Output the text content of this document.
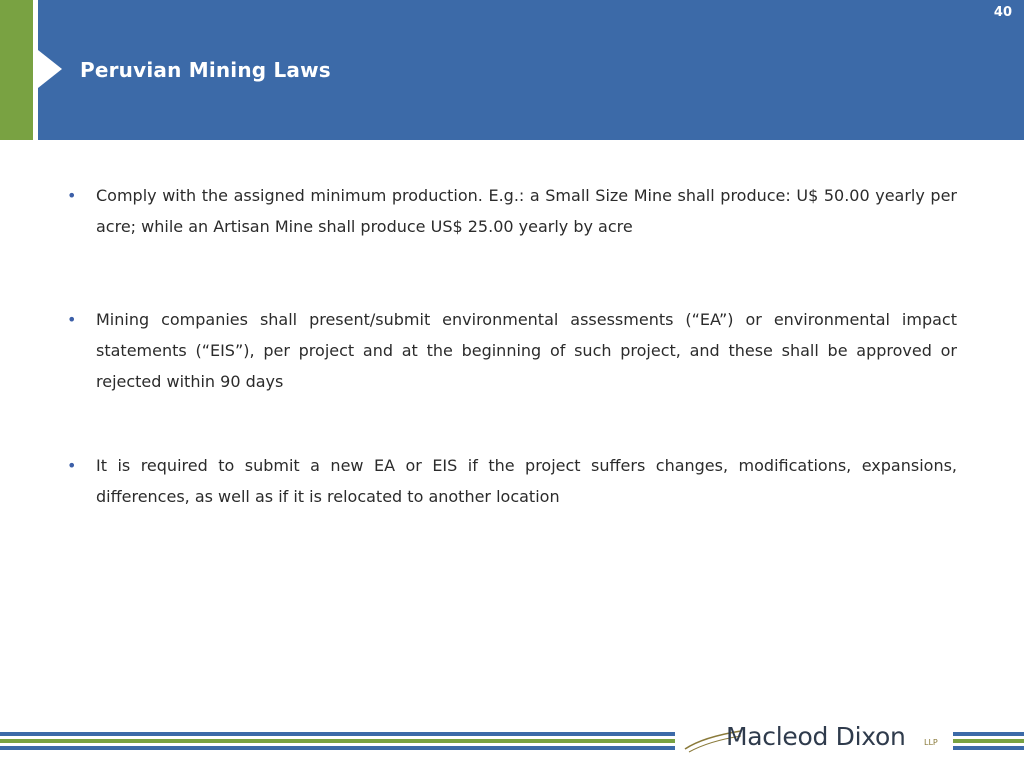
40
Peruvian Mining Laws
• Comply with the assigned minimum production. E.g.: a Small Size Mine shall produce: U$ 50.00 yearly per acre; while an Artisan Mine shall produce US$ 25.00 yearly by acre
• Mining companies shall present/submit environmental assessments (“EA”) or environmental impact statements (“EIS”), per project and at the beginning of such project, and these shall be approved or rejected within 90 days
• It is required to submit a new EA or EIS if the project suffers changes, modifications, expansions, differences, as well as if it is relocated to another location
Macleod Dixon LLP
